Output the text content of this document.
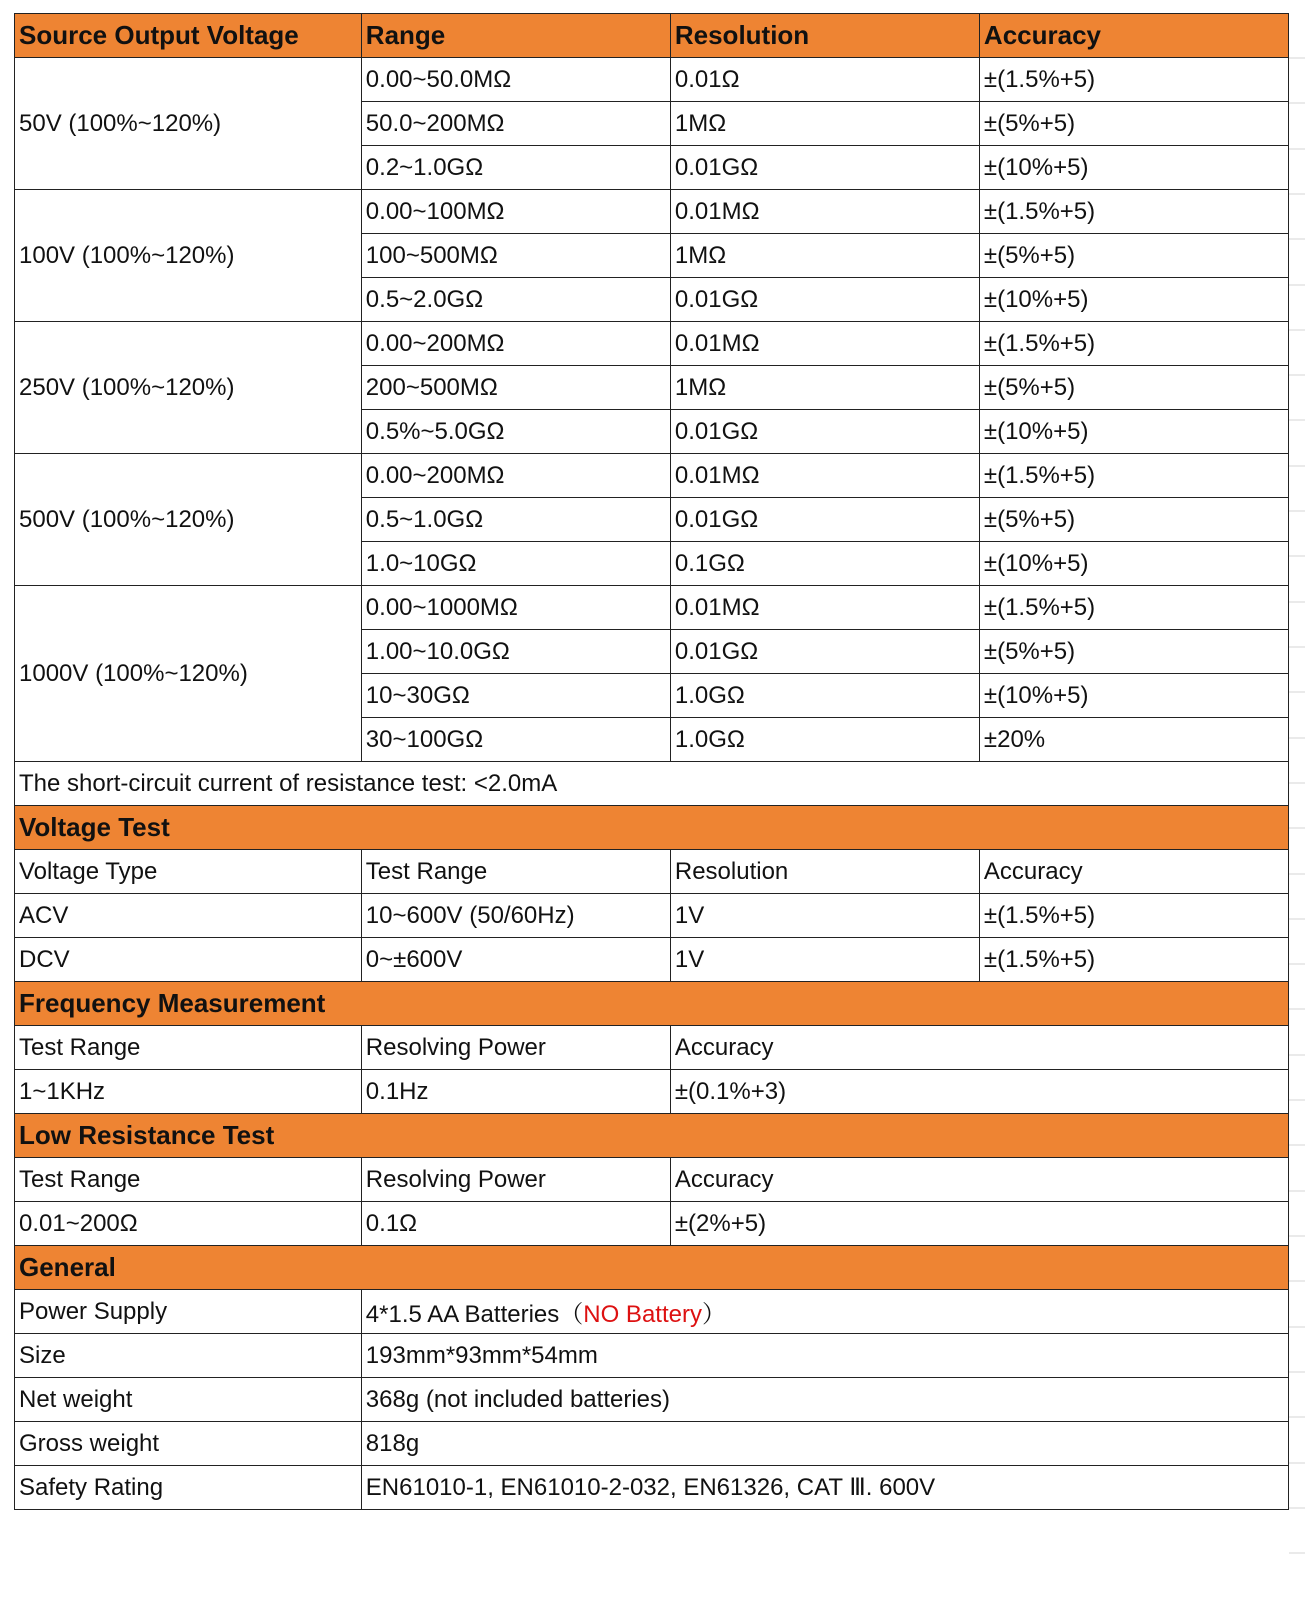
Source Output Voltage	Range	Resolution	Accuracy
50V (100%~120%)	0.00~50.0MΩ	0.01Ω	±(1.5%+5)
	50.0~200MΩ	1MΩ	±(5%+5)
	0.2~1.0GΩ	0.01GΩ	±(10%+5)
100V (100%~120%)	0.00~100MΩ	0.01MΩ	±(1.5%+5)
	100~500MΩ	1MΩ	±(5%+5)
	0.5~2.0GΩ	0.01GΩ	±(10%+5)
250V (100%~120%)	0.00~200MΩ	0.01MΩ	±(1.5%+5)
	200~500MΩ	1MΩ	±(5%+5)
	0.5%~5.0GΩ	0.01GΩ	±(10%+5)
500V (100%~120%)	0.00~200MΩ	0.01MΩ	±(1.5%+5)
	0.5~1.0GΩ	0.01GΩ	±(5%+5)
	1.0~10GΩ	0.1GΩ	±(10%+5)
1000V (100%~120%)	0.00~1000MΩ	0.01MΩ	±(1.5%+5)
	1.00~10.0GΩ	0.01GΩ	±(5%+5)
	10~30GΩ	1.0GΩ	±(10%+5)
	30~100GΩ	1.0GΩ	±20%
The short-circuit current of resistance test: <2.0mA			
Voltage Test			
Voltage Type	Test Range	Resolution	Accuracy
ACV	10~600V (50/60Hz)	1V	±(1.5%+5)
DCV	0~±600V	1V	±(1.5%+5)
Frequency Measurement			
Test Range	Resolving Power	Accuracy	
1~1KHz	0.1Hz	±(0.1%+3)	
Low Resistance Test			
Test Range	Resolving Power	Accuracy	
0.01~200Ω	0.1Ω	±(2%+5)	
General			
Power Supply	4*1.5 AA Batteries（NO Battery）		
Size	193mm*93mm*54mm		
Net weight	368g (not included batteries)		
Gross weight	818g		
Safety Rating	EN61010-1, EN61010-2-032, EN61326, CAT Ⅲ. 600V		
